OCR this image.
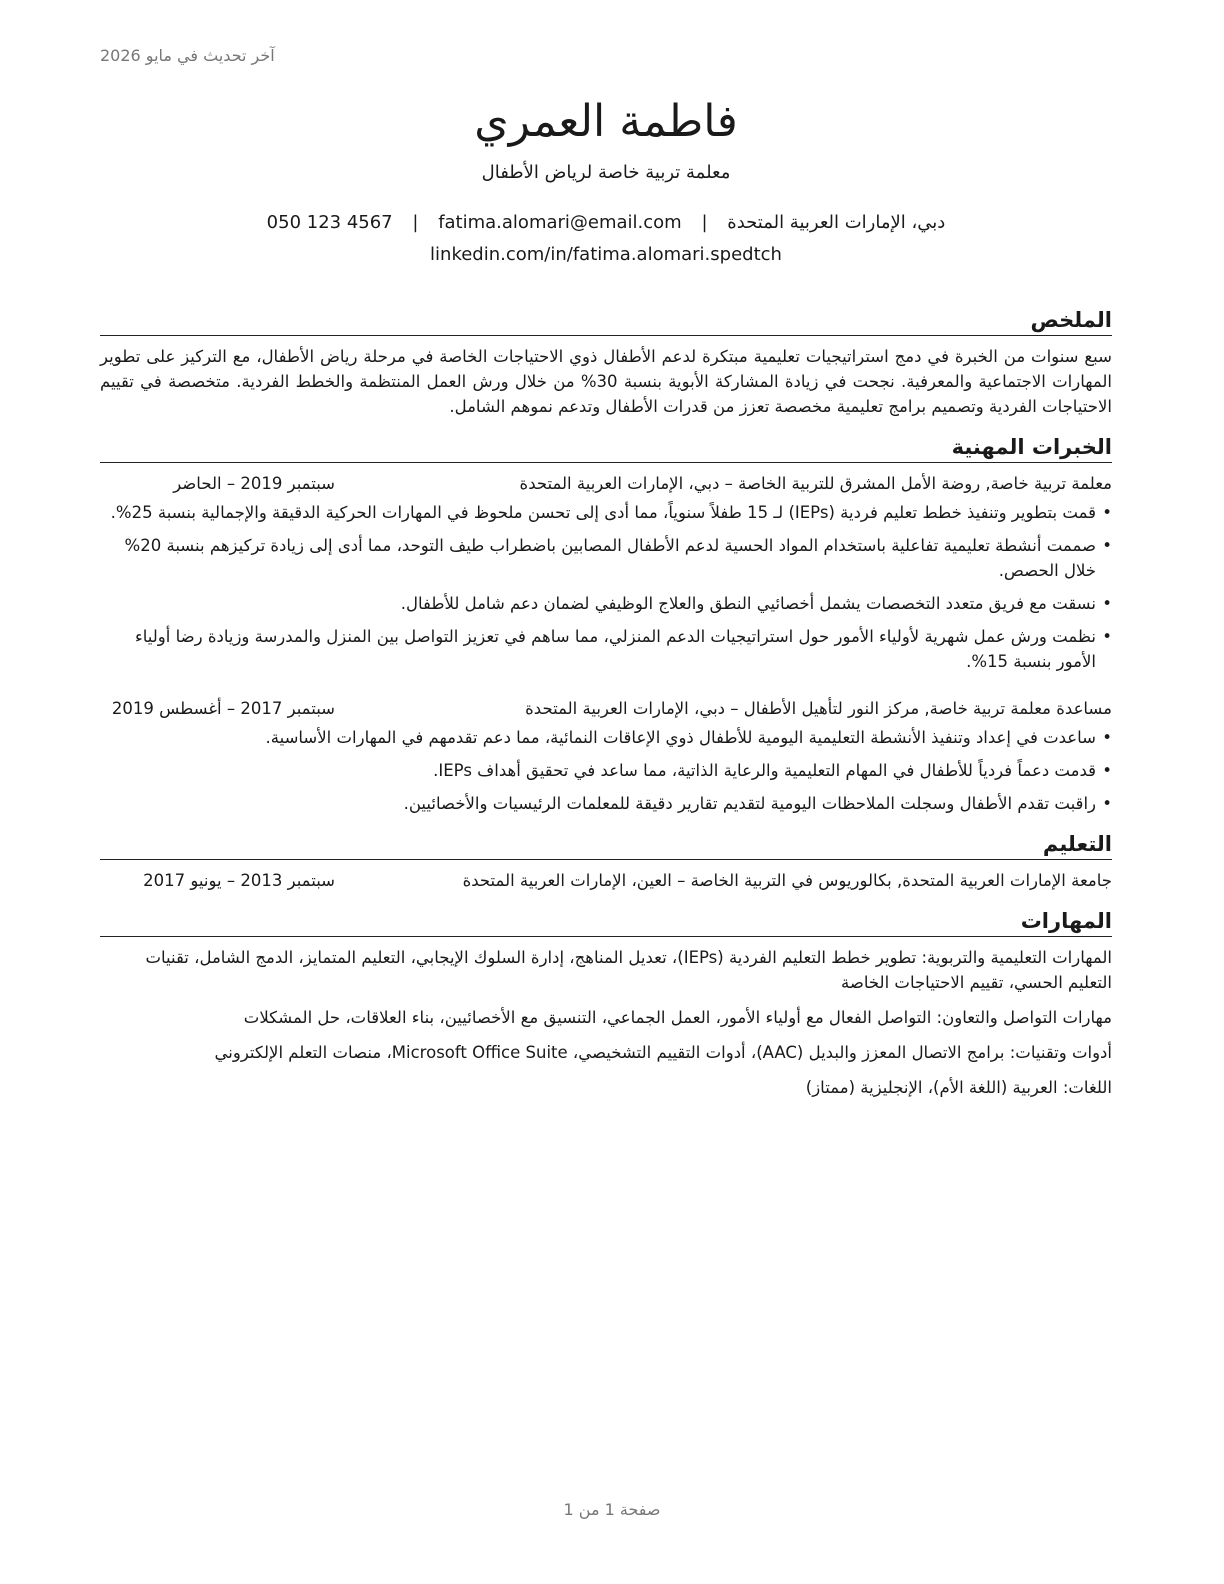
آخر تحديث في مايو 2026
فاطمة العمري
معلمة تربية خاصة لرياض الأطفال
دبي، الإمارات العربية المتحدة | fatima.alomari@email.com | 050 123 4567
linkedin.com/in/fatima.alomari.spedtch
الملخص

سبع سنوات من الخبرة في دمج استراتيجيات تعليمية مبتكرة لدعم الأطفال ذوي الاحتياجات الخاصة في مرحلة رياض الأطفال، مع التركيز على تطوير المهارات الاجتماعية والمعرفية. نجحت في زيادة المشاركة الأبوية بنسبة 30% من خلال ورش العمل المنتظمة والخطط الفردية. متخصصة في تقييم الاحتياجات الفردية وتصميم برامج تعليمية مخصصة تعزز من قدرات الأطفال وتدعم نموهم الشامل.

الخبرات المهنية
معلمة تربية خاصة, روضة الأمل المشرق للتربية الخاصة – دبي، الإمارات العربية المتحدة
سبتمبر 2019 – الحاضر
• قمت بتطوير وتنفيذ خطط تعليم فردية (IEPs) لـ 15 طفلاً سنوياً، مما أدى إلى تحسن ملحوظ في المهارات الحركية الدقيقة والإجمالية بنسبة 25%.
• صممت أنشطة تعليمية تفاعلية باستخدام المواد الحسية لدعم الأطفال المصابين باضطراب طيف التوحد، مما أدى إلى زيادة تركيزهم بنسبة 20% خلال الحصص.
• نسقت مع فريق متعدد التخصصات يشمل أخصائيي النطق والعلاج الوظيفي لضمان دعم شامل للأطفال.
• نظمت ورش عمل شهرية لأولياء الأمور حول استراتيجيات الدعم المنزلي، مما ساهم في تعزيز التواصل بين المنزل والمدرسة وزيادة رضا أولياء الأمور بنسبة 15%.
مساعدة معلمة تربية خاصة, مركز النور لتأهيل الأطفال – دبي، الإمارات العربية المتحدة
سبتمبر 2017 – أغسطس 2019
• ساعدت في إعداد وتنفيذ الأنشطة التعليمية اليومية للأطفال ذوي الإعاقات النمائية، مما دعم تقدمهم في المهارات الأساسية.
• قدمت دعماً فردياً للأطفال في المهام التعليمية والرعاية الذاتية، مما ساعد في تحقيق أهداف IEPs.
• راقبت تقدم الأطفال وسجلت الملاحظات اليومية لتقديم تقارير دقيقة للمعلمات الرئيسيات والأخصائيين.
التعليم
جامعة الإمارات العربية المتحدة, بكالوريوس في التربية الخاصة – العين، الإمارات العربية المتحدة
سبتمبر 2013 – يونيو 2017
المهارات

المهارات التعليمية والتربوية: تطوير خطط التعليم الفردية (IEPs)، تعديل المناهج، إدارة السلوك الإيجابي، التعليم المتمايز، الدمج الشامل، تقنيات التعليم الحسي، تقييم الاحتياجات الخاصة

مهارات التواصل والتعاون: التواصل الفعال مع أولياء الأمور، العمل الجماعي، التنسيق مع الأخصائيين، بناء العلاقات، حل المشكلات

أدوات وتقنيات: برامج الاتصال المعزز والبديل (AAC)، أدوات التقييم التشخيصي، Microsoft Office Suite، منصات التعلم الإلكتروني

اللغات: العربية (اللغة الأم)، الإنجليزية (ممتاز)

صفحة 1 من 1
